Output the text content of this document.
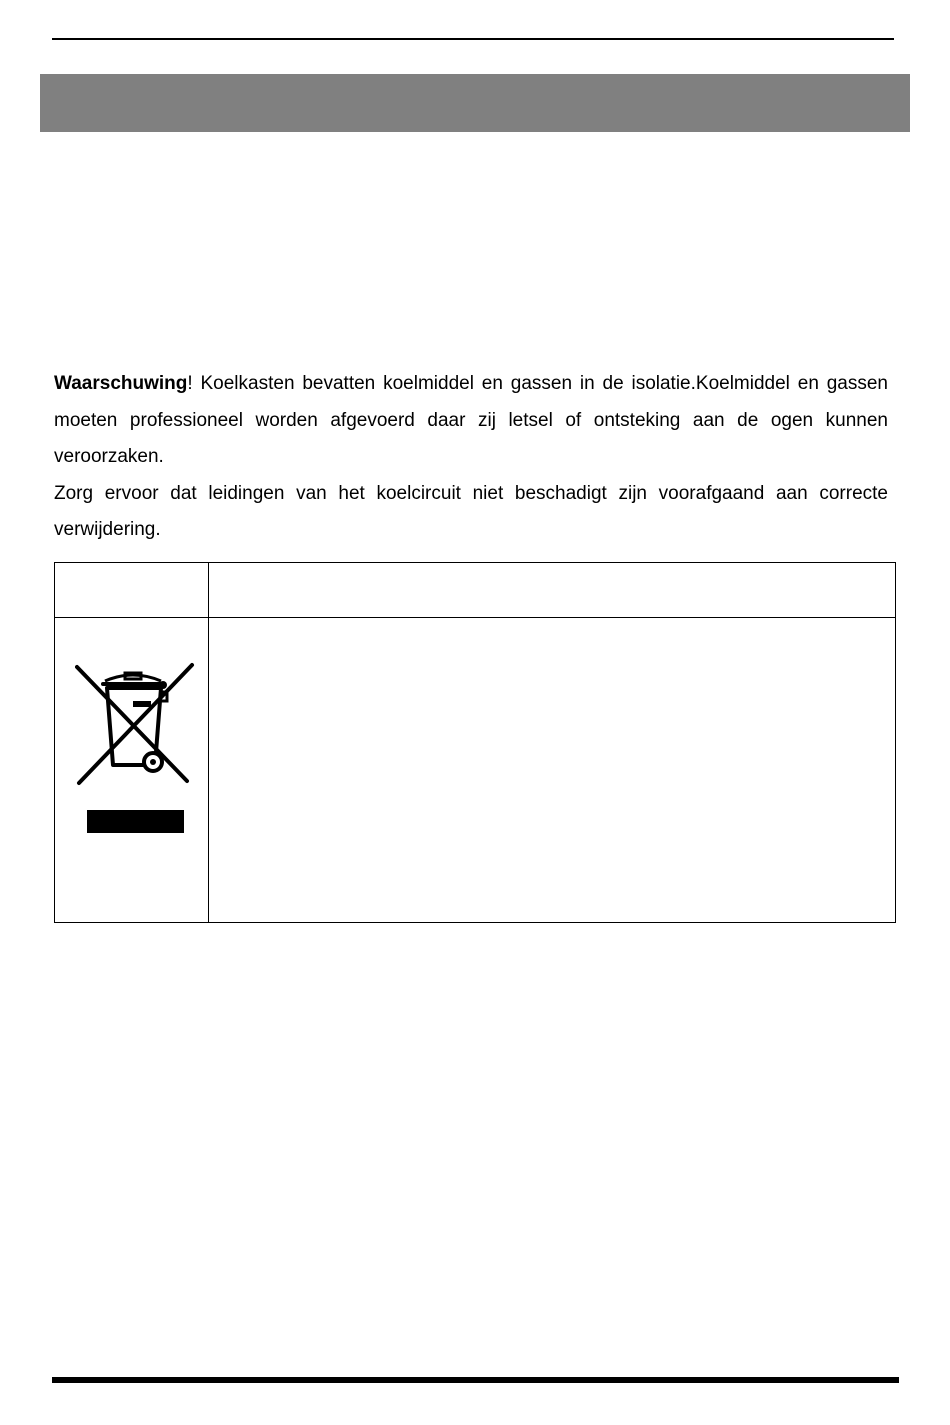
Waarschuwing! Koelkasten bevatten koelmiddel en gassen in de isolatie.Koelmiddel en gassen moeten professioneel worden afgevoerd daar zij letsel of ontsteking aan de ogen kunnen veroorzaken.

Zorg ervoor dat leidingen van het koelcircuit niet beschadigt zijn voorafgaand aan correcte verwijdering.
